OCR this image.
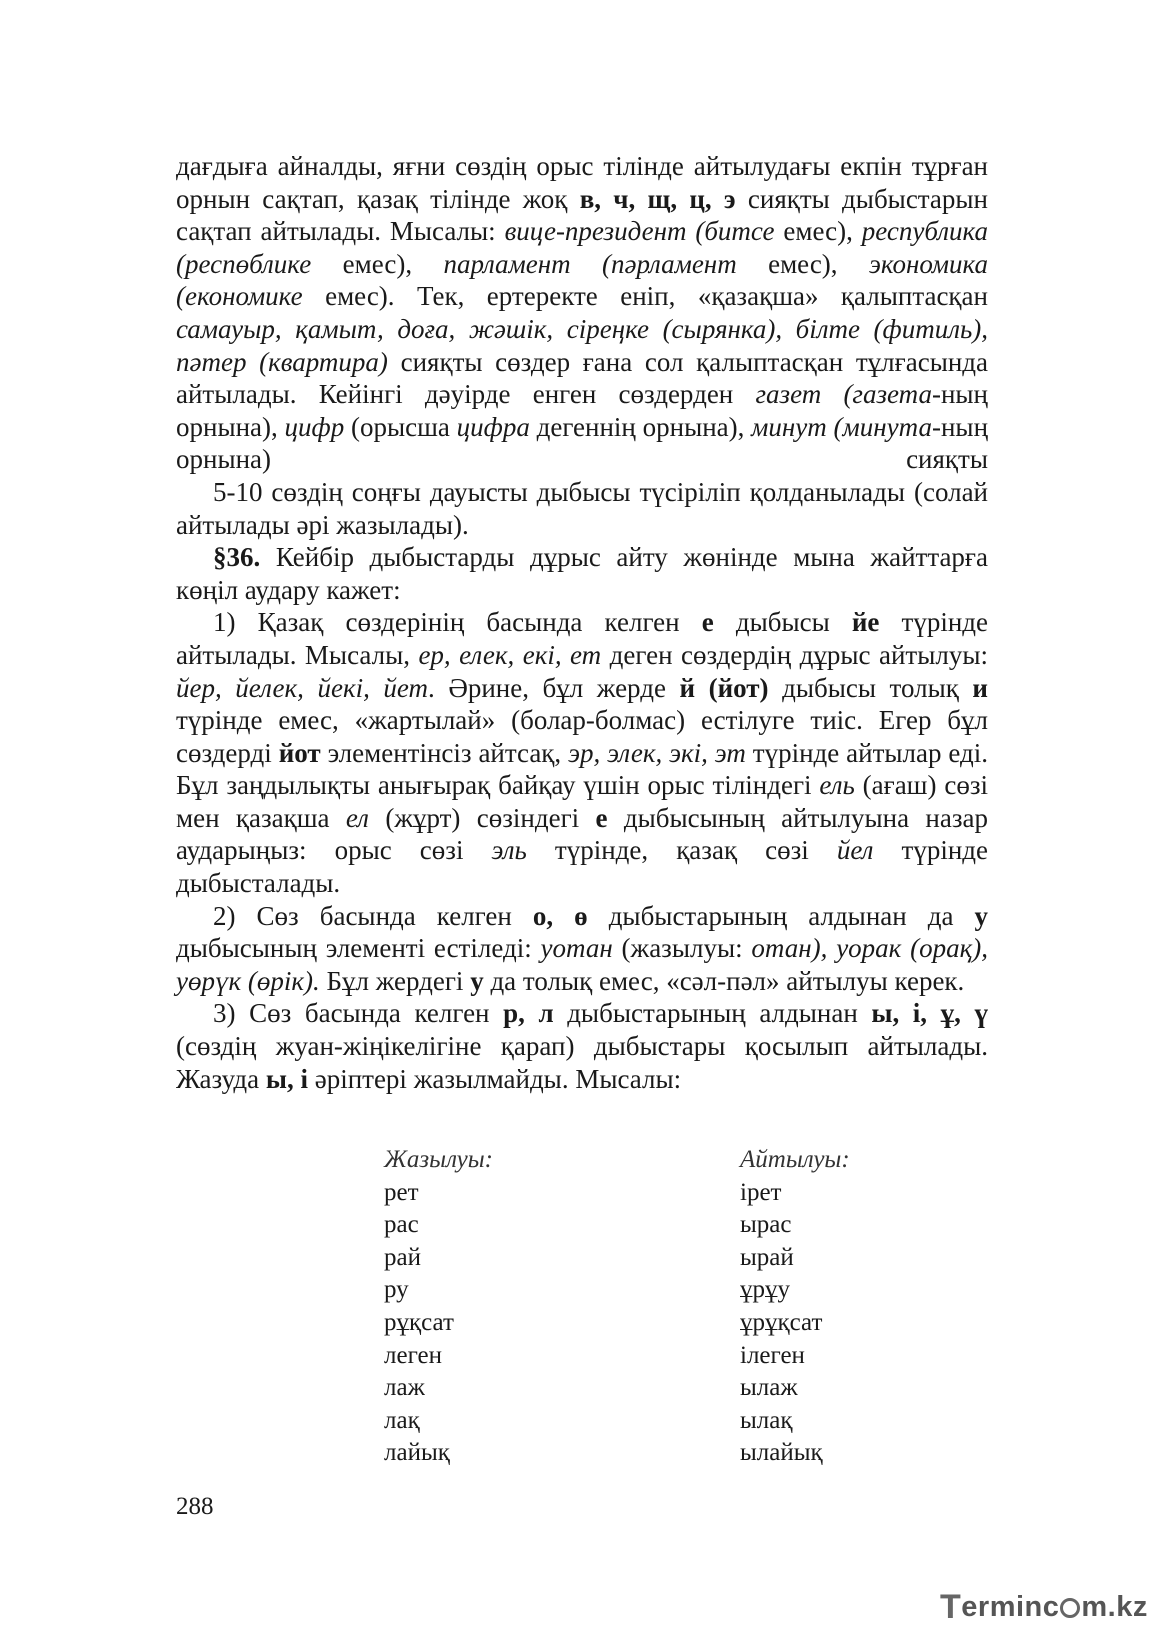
дағдыға айналды, яғни сөздің орыс тілінде айтылудағы екпін тұрған орнын сақтап, қазақ тілінде жоқ в, ч, щ, ц, э сияқты дыбыстарын сақтап айтылады. Мысалы: вице-президент (битсе емес), республика (респөблике емес), парламент (пәрламент емес), экономика (економике емес). Тек, ертеректе еніп, «қазақша» қалыптасқан самауыр, қамыт, доға, жәшік, сіреңке (сырянка), білте (фитиль), пәтер (квартира) сияқты сөздер ғана сол қалыптасқан тұлғасында айтылады. Кейінгі дәуірде енген сөздерден газет (газета-ның орнына), цифр (орысша цифра дегеннің орнына), минут (минута-ның орнына) сияқты

5-10 сөздің соңғы дауысты дыбысы түсіріліп қолданылады (солай айтылады әрі жазылады).

§36. Кейбір дыбыстарды дұрыс айту жөнінде мына жайттарға көңіл аудару кажет:

1) Қазақ сөздерінің басында келген е дыбысы йе түрінде айтылады. Мысалы, ер, елек, екі, ет деген сөздердің дұрыс айтылуы: йер, йелек, йекі, йет. Әрине, бұл жерде й (йот) дыбысы толық и түрінде емес, «жартылай» (болар-болмас) естілуге тиіс. Егер бұл сөздерді йот элементінсіз айтсақ, эр, элек, экі, эт түрінде айтылар еді. Бұл заңдылықты анығырақ байқау үшін орыс тіліндегі ель (ағаш) сөзі мен қазақша ел (жұрт) сөзіндегі е дыбысының айтылуына назар аударыңыз: орыс сөзі эль түрінде, қазақ сөзі йел түрінде дыбысталады.

2) Сөз басында келген о, ө дыбыстарының алдынан да у дыбысының элементі естіледі: уотан (жазылуы: отан), уорак (орақ), уөрүк (өрік). Бұл жердегі у да толық емес, «сәл-пәл» айтылуы керек.

3) Сөз басында келген р, л дыбыстарының алдынан ы, і, ұ, ү (сөздің жуан-жіңікелігіне қарап) дыбыстары қосылып айтылады. Жазуда ы, і әріптері жазылмайды. Мысалы:

Жазылуы:	Айтылуы:
рет	ірет
рас	ырас
рай	ырай
ру	ұрұу
рұқсат	ұрұқсат
леген	ілеген
лаж	ылаж
лақ	ылақ
лайық	ылайық
288
T erminc m.kz
